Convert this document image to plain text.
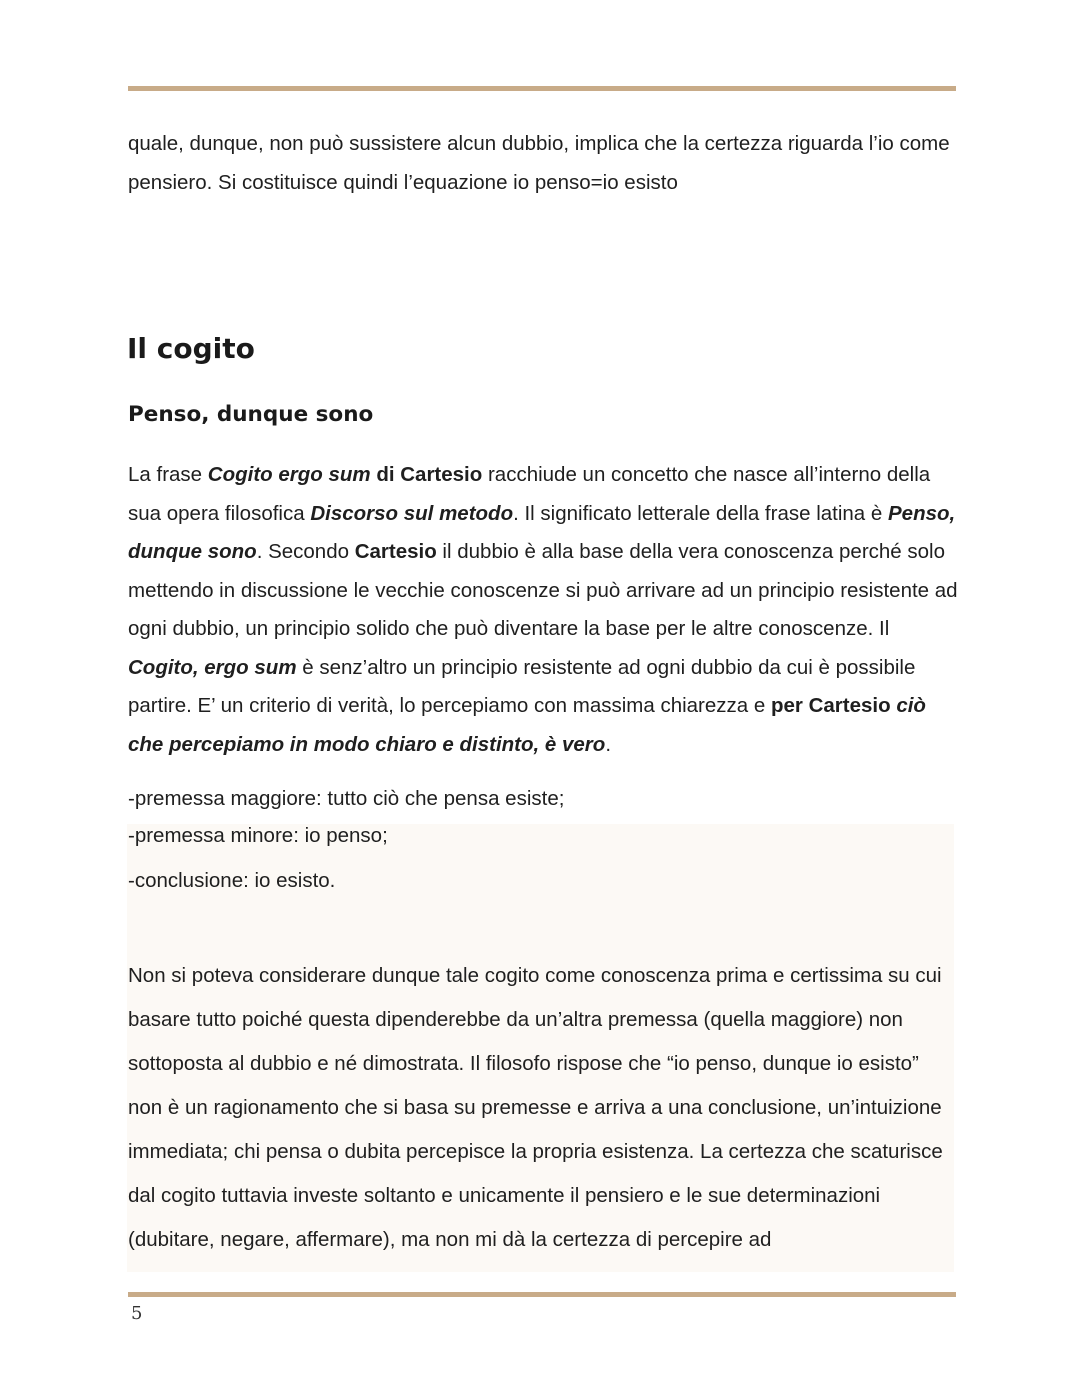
quale, dunque, non può sussistere alcun dubbio, implica che la certezza riguarda l’io come pensiero. Si costituisce quindi l’equazione io penso=io esisto

Il cogito
Penso, dunque sono

La frase Cogito ergo sum di Cartesio racchiude un concetto che nasce all’interno della sua opera filosofica Discorso sul metodo. Il significato letterale della frase latina è Penso, dunque sono. Secondo Cartesio il dubbio è alla base della vera conoscenza perché solo mettendo in discussione le vecchie conoscenze si può arrivare ad un principio resistente ad ogni dubbio, un principio solido che può diventare la base per le altre conoscenze. Il Cogito, ergo sum è senz’altro un principio resistente ad ogni dubbio da cui è possibile partire. E’ un criterio di verità, lo percepiamo con massima chiarezza e per Cartesio ciò che percepiamo in modo chiaro e distinto, è vero.

-premessa maggiore: tutto ciò che pensa esiste;

-premessa minore: io penso;

-conclusione: io esisto.

Non si poteva considerare dunque tale cogito come conoscenza prima e certissima su cui basare tutto poiché questa dipenderebbe da un’altra premessa (quella maggiore) non sottoposta al dubbio e né dimostrata. Il filosofo rispose che “io penso, dunque io esisto” non è un ragionamento che si basa su premesse e arriva a una conclusione, un’intuizione immediata; chi pensa o dubita percepisce la propria esistenza. La certezza che scaturisce dal cogito tuttavia investe soltanto e unicamente il pensiero e le sue determinazioni (dubitare, negare, affermare), ma non mi dà la certezza di percepire ad

5
